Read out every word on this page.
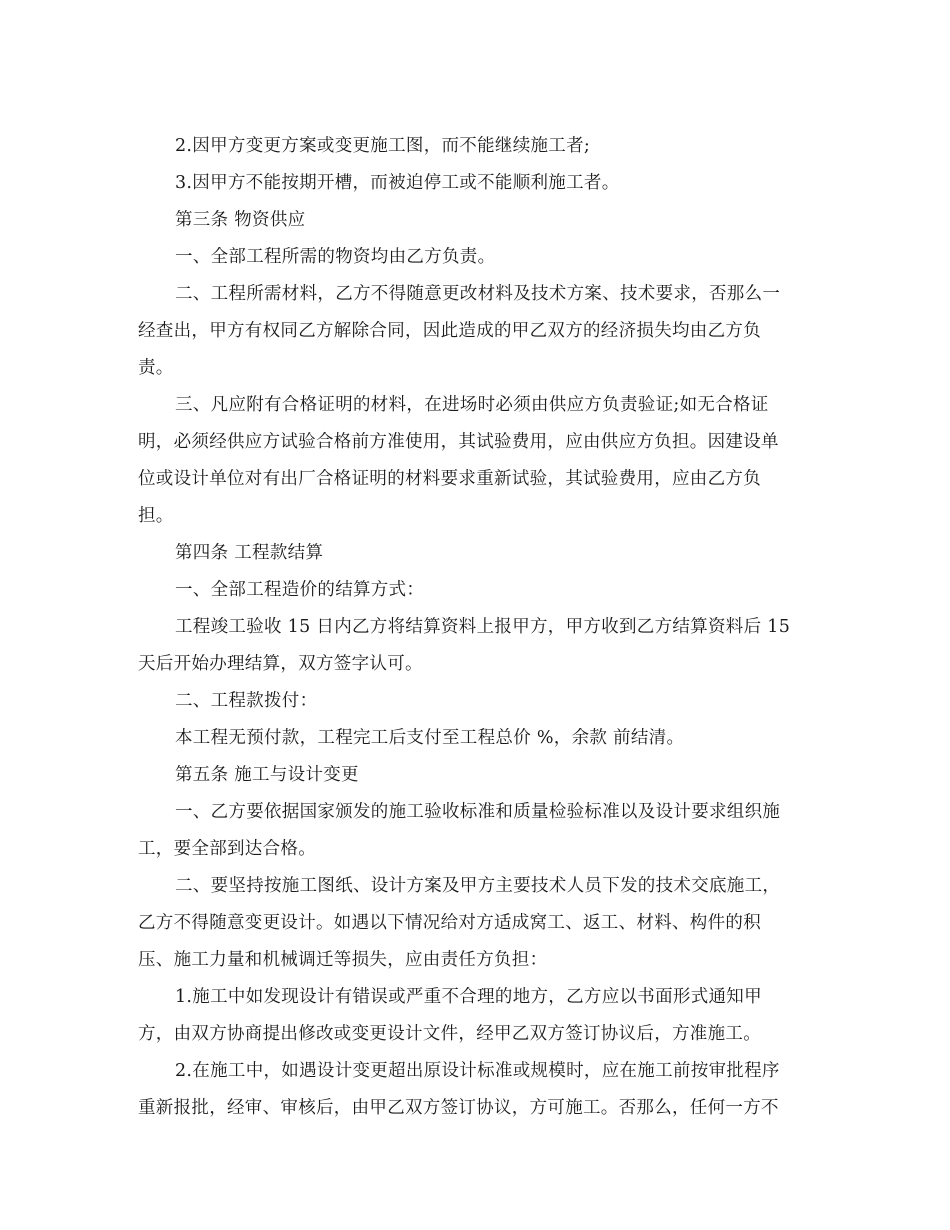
2.因甲方变更方案或变更施工图，而不能继续施工者;
3.因甲方不能按期开槽，而被迫停工或不能顺利施工者。
第三条 物资供应
一、全部工程所需的物资均由乙方负责。
二、工程所需材料，乙方不得随意更改材料及技术方案、技术要求，否那么一
经查出，甲方有权同乙方解除合同，因此造成的甲乙双方的经济损失均由乙方负
责。
三、凡应附有合格证明的材料，在进场时必须由供应方负责验证;如无合格证
明，必须经供应方试验合格前方准使用，其试验费用，应由供应方负担。因建设单
位或设计单位对有出厂合格证明的材料要求重新试验，其试验费用，应由乙方负
担。
第四条 工程款结算
一、全部工程造价的结算方式：
工程竣工验收 15 日内乙方将结算资料上报甲方，甲方收到乙方结算资料后 15
天后开始办理结算，双方签字认可。
二、工程款拨付：
本工程无预付款，工程完工后支付至工程总价 %，余款 前结清。
第五条 施工与设计变更
一、乙方要依据国家颁发的施工验收标准和质量检验标准以及设计要求组织施
工，要全部到达合格。
二、要坚持按施工图纸、设计方案及甲方主要技术人员下发的技术交底施工，
乙方不得随意变更设计。如遇以下情况给对方适成窝工、返工、材料、构件的积
压、施工力量和机械调迁等损失，应由责任方负担：
1.施工中如发现设计有错误或严重不合理的地方，乙方应以书面形式通知甲
方，由双方协商提出修改或变更设计文件，经甲乙双方签订协议后，方准施工。
2.在施工中，如遇设计变更超出原设计标准或规模时，应在施工前按审批程序
重新报批，经审、审核后，由甲乙双方签订协议，方可施工。否那么，任何一方不
